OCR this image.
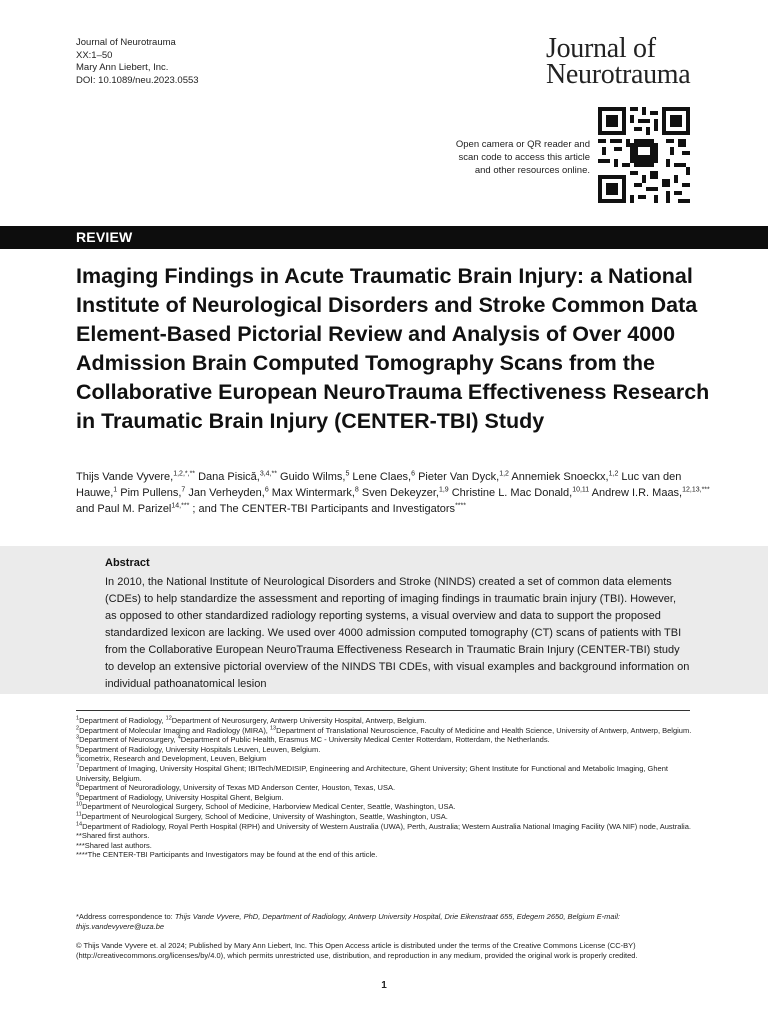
Journal of Neurotrauma
XX:1–50
Mary Ann Liebert, Inc.
DOI: 10.1089/neu.2023.0553
Journal of
Neurotrauma
Open camera or QR reader and
scan code to access this article
and other resources online.
REVIEW
Imaging Findings in Acute Traumatic Brain Injury: a National Institute of Neurological Disorders and Stroke Common Data Element-Based Pictorial Review and Analysis of Over 4000 Admission Brain Computed Tomography Scans from the Collaborative European NeuroTrauma Effectiveness Research in Traumatic Brain Injury (CENTER-TBI) Study
Thijs Vande Vyvere,$^{1,2,*,**}$ Dana Pisică,$^{3,4,**}$ Guido Wilms,$^5$ Lene Claes,$^6$ Pieter Van Dyck,$^{1,2}$ Annemiek Snoeckx,$^{1,2}$ Luc van den Hauwe,$^1$ Pim Pullens,$^7$ Jan Verheyden,$^6$ Max Wintermark,$^8$ Sven Dekeyzer,$^{1,9}$ Christine L. Mac Donald,$^{10,11}$ Andrew I.R. Maas,$^{12,13,***}$ and Paul M. Parizel$^{14,***}$ ; and The CENTER-TBI Participants and Investigators****
Abstract
In 2010, the National Institute of Neurological Disorders and Stroke (NINDS) created a set of common data elements (CDEs) to help standardize the assessment and reporting of imaging findings in traumatic brain injury (TBI). However, as opposed to other standardized radiology reporting systems, a visual overview and data to support the proposed standardized lexicon are lacking. We used over 4000 admission computed tomography (CT) scans of patients with TBI from the Collaborative European NeuroTrauma Effectiveness Research in Traumatic Brain Injury (CENTER-TBI) study to develop an extensive pictorial overview of the NINDS TBI CDEs, with visual examples and background information on individual pathoanatomical lesion
$^1$Department of Radiology, $^{12}$Department of Neurosurgery, Antwerp University Hospital, Antwerp, Belgium.
$^2$Department of Molecular Imaging and Radiology (MIRA), $^{13}$Department of Translational Neuroscience, Faculty of Medicine and Health Science, University of Antwerp, Antwerp, Belgium.
$^3$Department of Neurosurgery, $^4$Department of Public Health, Erasmus MC - University Medical Center Rotterdam, Rotterdam, the Netherlands.
$^5$Department of Radiology, University Hospitals Leuven, Leuven, Belgium.
$^6$icometrix, Research and Development, Leuven, Belgium
$^7$Department of Imaging, University Hospital Ghent; IBITech/MEDISIP, Engineering and Architecture, Ghent University; Ghent Institute for Functional and Metabolic Imaging, Ghent University, Belgium.
$^8$Department of Neuroradiology, University of Texas MD Anderson Center, Houston, Texas, USA.
$^9$Department of Radiology, University Hospital Ghent, Belgium.
$^{10}$Department of Neurological Surgery, School of Medicine, Harborview Medical Center, Seattle, Washington, USA.
$^{11}$Department of Neurological Surgery, School of Medicine, University of Washington, Seattle, Washington, USA.
$^{14}$Department of Radiology, Royal Perth Hospital (RPH) and University of Western Australia (UWA), Perth, Australia; Western Australia National Imaging Facility (WA NIF) node, Australia.
**Shared first authors.
***Shared last authors.
****The CENTER-TBI Participants and Investigators may be found at the end of this article.
*Address correspondence to: Thijs Vande Vyvere, PhD, Department of Radiology, Antwerp University Hospital, Drie Eikenstraat 655, Edegem 2650, Belgium E-mail: thijs.vandevyvere@uza.be
© Thijs Vande Vyvere et. al 2024; Published by Mary Ann Liebert, Inc. This Open Access article is distributed under the terms of the Creative Commons License (CC-BY) (http://creativecommons.org/licenses/by/4.0), which permits unrestricted use, distribution, and reproduction in any medium, provided the original work is properly credited.
1
